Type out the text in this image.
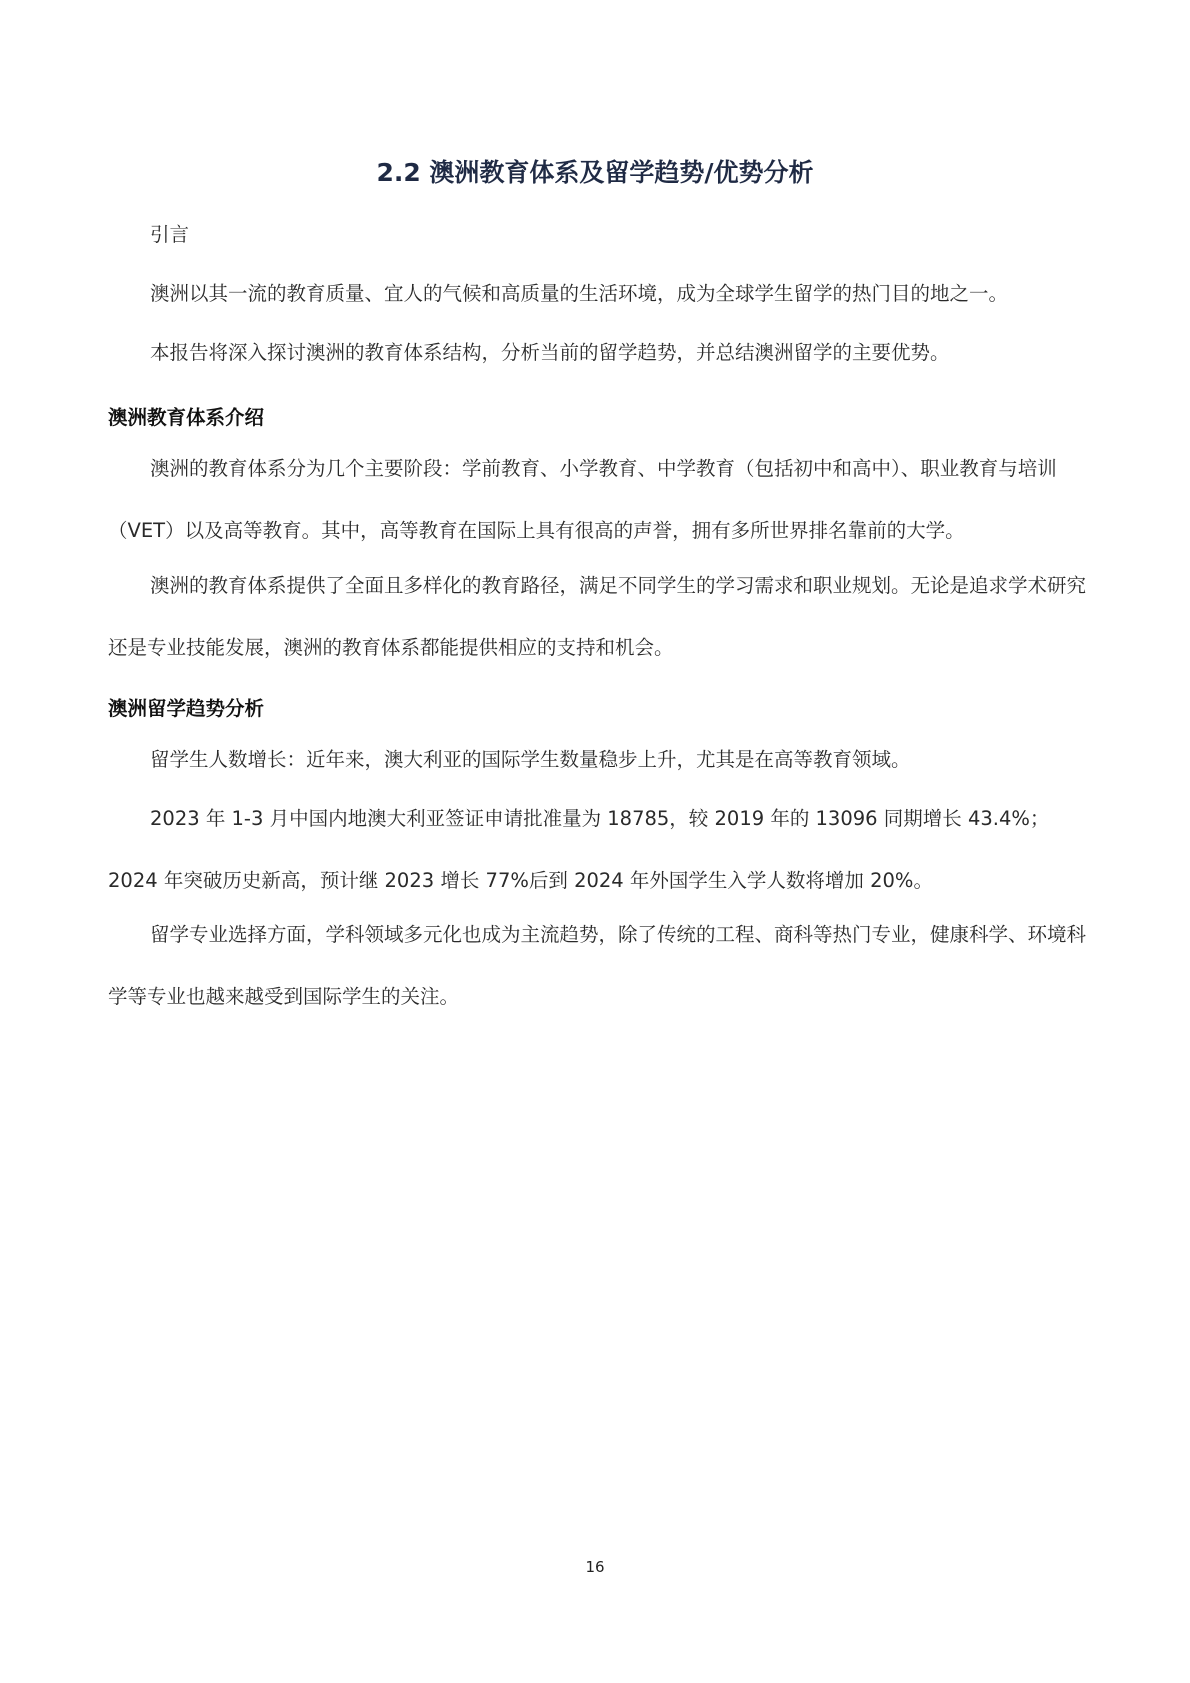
2.2 澳洲教育体系及留学趋势/优势分析

引言

澳洲以其一流的教育质量、宜人的气候和高质量的生活环境，成为全球学生留学的热门目的地之一。

本报告将深入探讨澳洲的教育体系结构，分析当前的留学趋势，并总结澳洲留学的主要优势。

澳洲教育体系介绍

澳洲的教育体系分为几个主要阶段：学前教育、小学教育、中学教育（包括初中和高中）、职业教育与培训（VET）以及高等教育。其中，高等教育在国际上具有很高的声誉，拥有多所世界排名靠前的大学。

澳洲的教育体系提供了全面且多样化的教育路径，满足不同学生的学习需求和职业规划。无论是追求学术研究还是专业技能发展，澳洲的教育体系都能提供相应的支持和机会。

澳洲留学趋势分析

留学生人数增长：近年来，澳大利亚的国际学生数量稳步上升，尤其是在高等教育领域。

2023 年 1-3 月中国内地澳大利亚签证申请批准量为 18785，较 2019 年的 13096 同期增长 43.4%；2024 年突破历史新高，预计继 2023 增长 77%后到 2024 年外国学生入学人数将增加 20%。

留学专业选择方面，学科领域多元化也成为主流趋势，除了传统的工程、商科等热门专业，健康科学、环境科学等专业也越来越受到国际学生的关注。

16
